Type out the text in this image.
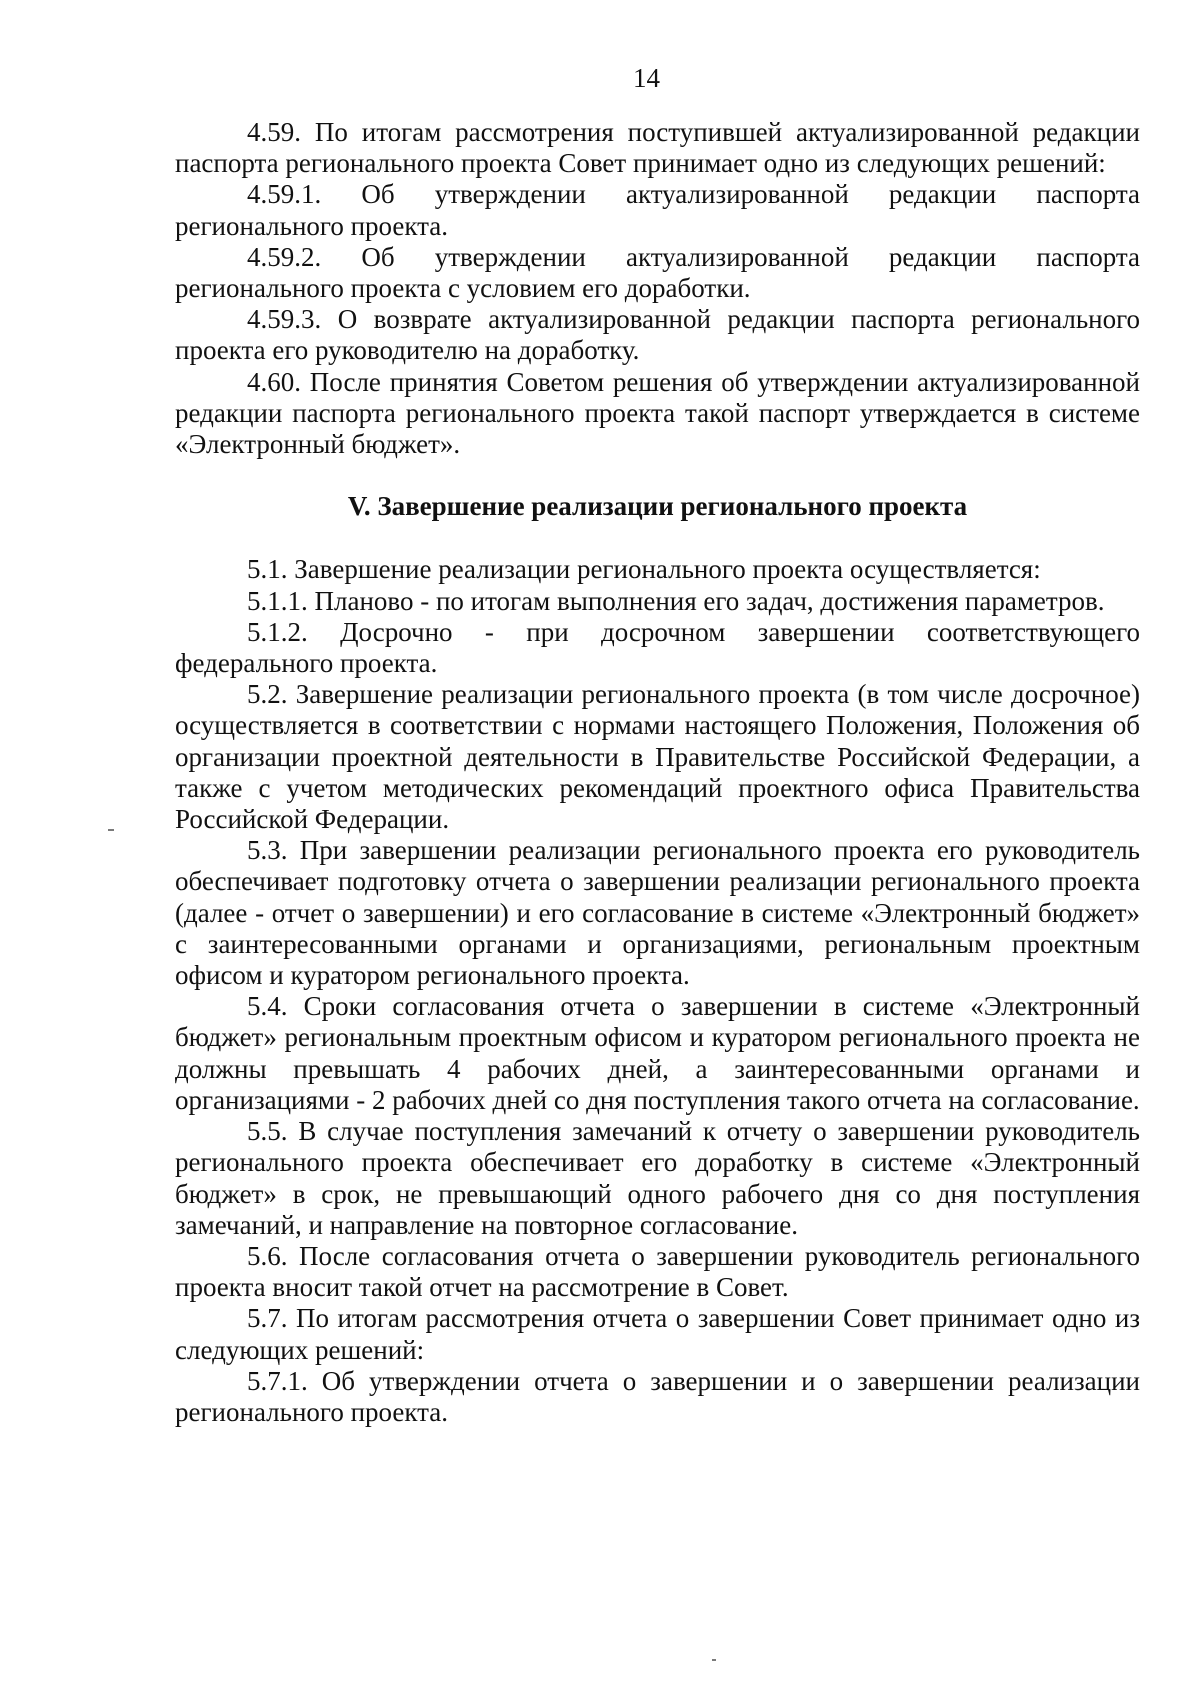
14

4.59. По итогам рассмотрения поступившей актуализированной редакции паспорта регионального проекта Совет принимает одно из следующих решений:

4.59.1. Об утверждении актуализированной редакции паспорта регионального проекта.

4.59.2. Об утверждении актуализированной редакции паспорта регионального проекта с условием его доработки.

4.59.3. О возврате актуализированной редакции паспорта регионального проекта его руководителю на доработку.

4.60. После принятия Советом решения об утверждении актуализированной редакции паспорта регионального проекта такой паспорт утверждается в системе «Электронный бюджет».

V. Завершение реализации регионального проекта

5.1. Завершение реализации регионального проекта осуществляется:

5.1.1. Планово - по итогам выполнения его задач, достижения параметров.

5.1.2. Досрочно - при досрочном завершении соответствующего федерального проекта.

5.2. Завершение реализации регионального проекта (в том числе досрочное) осуществляется в соответствии с нормами настоящего Положения, Положения об организации проектной деятельности в Правительстве Российской Федерации, а также с учетом методических рекомендаций проектного офиса Правительства Российской Федерации.

5.3. При завершении реализации регионального проекта его руководитель обеспечивает подготовку отчета о завершении реализации регионального проекта (далее - отчет о завершении) и его согласование в системе «Электронный бюджет» с заинтересованными органами и организациями, региональным проектным офисом и куратором регионального проекта.

5.4. Сроки согласования отчета о завершении в системе «Электронный бюджет» региональным проектным офисом и куратором регионального проекта не должны превышать 4 рабочих дней, а заинтересованными органами и организациями - 2 рабочих дней со дня поступления такого отчета на согласование.

5.5. В случае поступления замечаний к отчету о завершении руководитель регионального проекта обеспечивает его доработку в системе «Электронный бюджет» в срок, не превышающий одного рабочего дня со дня поступления замечаний, и направление на повторное согласование.

5.6. После согласования отчета о завершении руководитель регионального проекта вносит такой отчет на рассмотрение в Совет.

5.7. По итогам рассмотрения отчета о завершении Совет принимает одно из следующих решений:

5.7.1. Об утверждении отчета о завершении и о завершении реализации регионального проекта.
